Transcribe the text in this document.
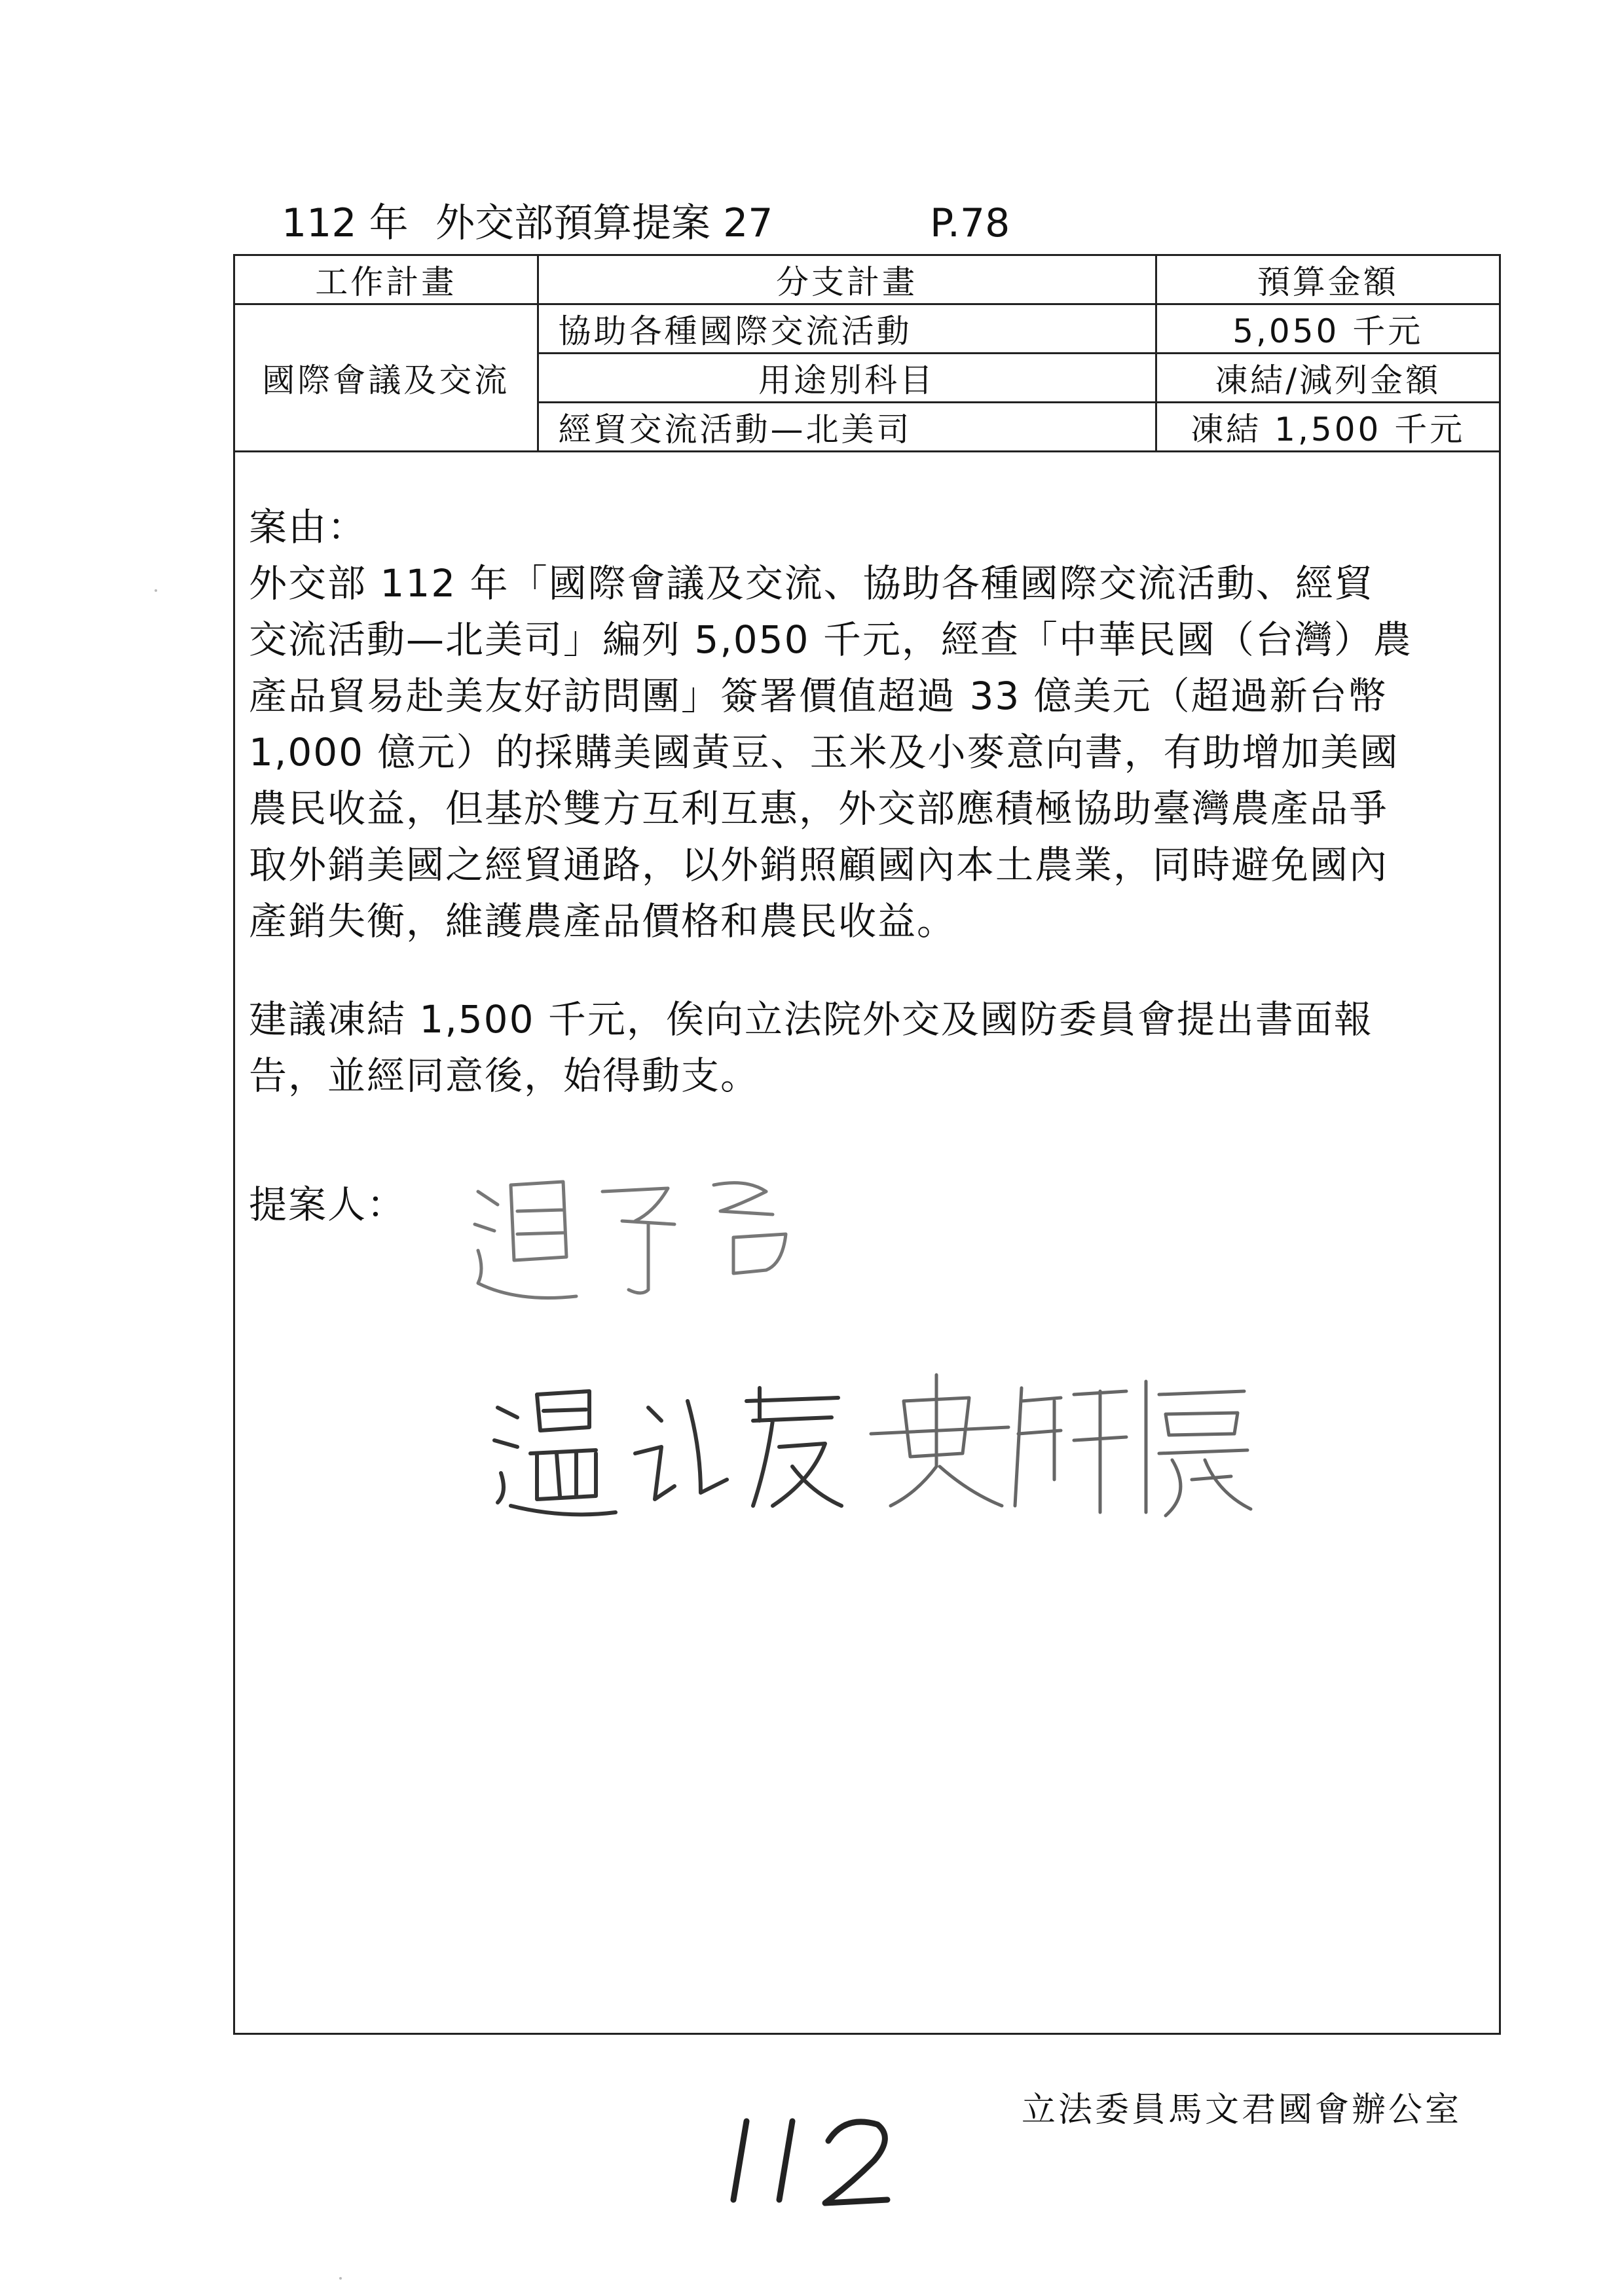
112 年 外交部預算提案 27	P.78
工作計畫	分支計畫	預算金額
國際會議及交流	協助各種國際交流活動	5,050 千元
	用途別科目	凍結/減列金額
	經貿交流活動—北美司	凍結 1,500 千元

案由：

外交部 112 年「國際會議及交流、協助各種國際交流活動、經貿

交流活動—北美司」編列 5,050 千元，經查「中華民國（台灣）農

產品貿易赴美友好訪問團」簽署價值超過 33 億美元（超過新台幣

1,000 億元）的採購美國黃豆、玉米及小麥意向書，有助增加美國

農民收益，但基於雙方互利互惠，外交部應積極協助臺灣農產品爭

取外銷美國之經貿通路，以外銷照顧國內本土農業，同時避免國內

產銷失衡，維護農產品價格和農民收益。

建議凍結 1,500 千元，俟向立法院外交及國防委員會提出書面報

告，並經同意後，始得動支。

提案人：
立法委員馬文君國會辦公室
